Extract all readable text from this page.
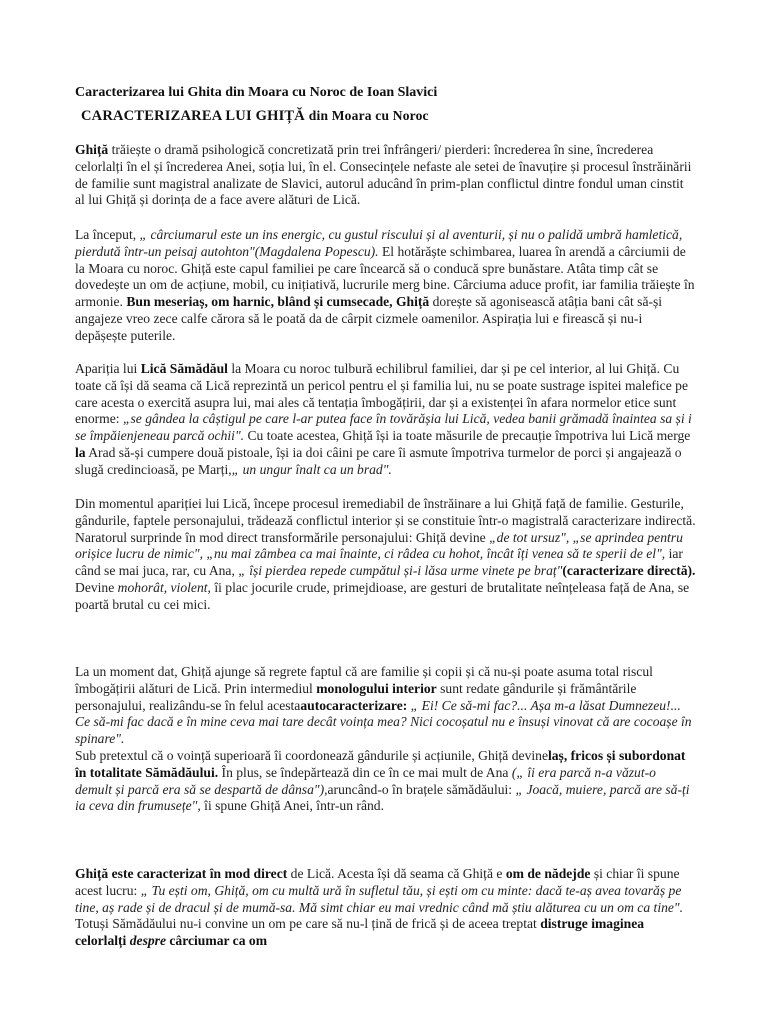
Caracterizarea lui Ghita din Moara cu Noroc de Ioan Slavici
CARACTERIZAREA LUI GHIȚĂ din Moara cu Noroc

Ghiță trăiește o dramă psihologică concretizată prin trei înfrângeri/ pierderi: încrederea în sine, încrederea celorlalți în el și încrederea Anei, soția lui, în el. Consecințele nefaste ale setei de înavuțire și procesul înstrăinării de familie sunt magistral analizate de Slavici, autorul aducând în prim-plan conflictul dintre fondul uman cinstit al lui Ghiță și dorința de a face avere alături de Lică.

La început, „ cârciumarul este un ins energic, cu gustul riscului și al aventurii, și nu o palidă umbră hamletică, pierdută într-un peisaj autohton"(Magdalena Popescu). El hotărăște schimbarea, luarea în arendă a cârciumii de la Moara cu noroc. Ghiță este capul familiei pe care încearcă să o conducă spre bunăstare. Atâta timp cât se dovedește un om de acțiune, mobil, cu inițiativă, lucrurile merg bine. Cârciuma aduce profit, iar familia trăiește în armonie. Bun meseriaș, om harnic, blând și cumsecade, Ghiță dorește să agonisească atâția bani cât să-și angajeze vreo zece calfe cărora să le poată da de cârpit cizmele oamenilor. Aspirația lui e firească și nu-i depășește puterile.

Apariția lui Lică Sămădăul la Moara cu noroc tulbură echilibrul familiei, dar și pe cel interior, al lui Ghiță. Cu toate că își dă seama că Lică reprezintă un pericol pentru el și familia lui, nu se poate sustrage ispitei malefice pe care acesta o exercită asupra lui, mai ales că tentația îmbogățirii, dar și a existenței în afara normelor etice sunt enorme: „se gândea la câștigul pe care l-ar putea face în tovărășia lui Lică, vedea banii grămadă înaintea sa și i se împăienjeneau parcă ochii". Cu toate acestea, Ghiță își ia toate măsurile de precauție împotriva lui Lică merge la Arad să-și cumpere două pistoale, își ia doi câini pe care îi asmute împotriva turmelor de porci și angajează o slugă credincioasă, pe Marți,„ un ungur înalt ca un brad".

Din momentul apariției lui Lică, începe procesul iremediabil de înstrăinare a lui Ghiță față de familie. Gesturile, gândurile, faptele personajului, trădează conflictul interior și se constituie într-o magistrală caracterizare indirectă. Naratorul surprinde în mod direct transformările personajului: Ghiță devine „de tot ursuz", „se aprindea pentru orișice lucru de nimic", „nu mai zâmbea ca mai înainte, ci râdea cu hohot, încât îți venea să te sperii de el", iar când se mai juca, rar, cu Ana, „ își pierdea repede cumpătul și-i lăsa urme vinete pe braț"(caracterizare directă). Devine mohorât, violent, îi plac jocurile crude, primejdioase, are gesturi de brutalitate neînțeleasa față de Ana, se poartă brutal cu cei mici.

La un moment dat, Ghiță ajunge să regrete faptul că are familie și copii și că nu-și poate asuma total riscul îmbogățirii alături de Lică. Prin intermediul monologului interior sunt redate gândurile și frământările personajului, realizându-se în felul acestaautocaracterizare: „ Ei! Ce să-mi fac?... Așa m-a lăsat Dumnezeu!... Ce să-mi fac dacă e în mine ceva mai tare decât voința mea? Nici cocoșatul nu e însuși vinovat că are cocoașe în spinare".

Sub pretextul că o voință superioară îi coordonează gândurile și acțiunile, Ghiță devinelaș, fricos și subordonat în totalitate Sămădăului. În plus, se îndepărtează din ce în ce mai mult de Ana („ îi era parcă n-a văzut-o demult și parcă era să se despartă de dânsa"),aruncând-o în brațele sămădăului: „ Joacă, muiere, parcă are să-ți ia ceva din frumusețe", îi spune Ghiță Anei, într-un rând.

Ghiță este caracterizat în mod direct de Lică. Acesta își dă seama că Ghiță e om de nădejde și chiar îi spune acest lucru: „ Tu ești om, Ghiță, om cu multă ură în sufletul tău, și ești om cu minte: dacă te-aș avea tovarăș pe tine, aș rade și de dracul și de mumă-sa. Mă simt chiar eu mai vrednic când mă știu alăturea cu un om ca tine". Totuși Sămădăului nu-i convine un om pe care să nu-l țină de frică și de aceea treptat distruge imaginea celorlalți despre cârciumar ca om
